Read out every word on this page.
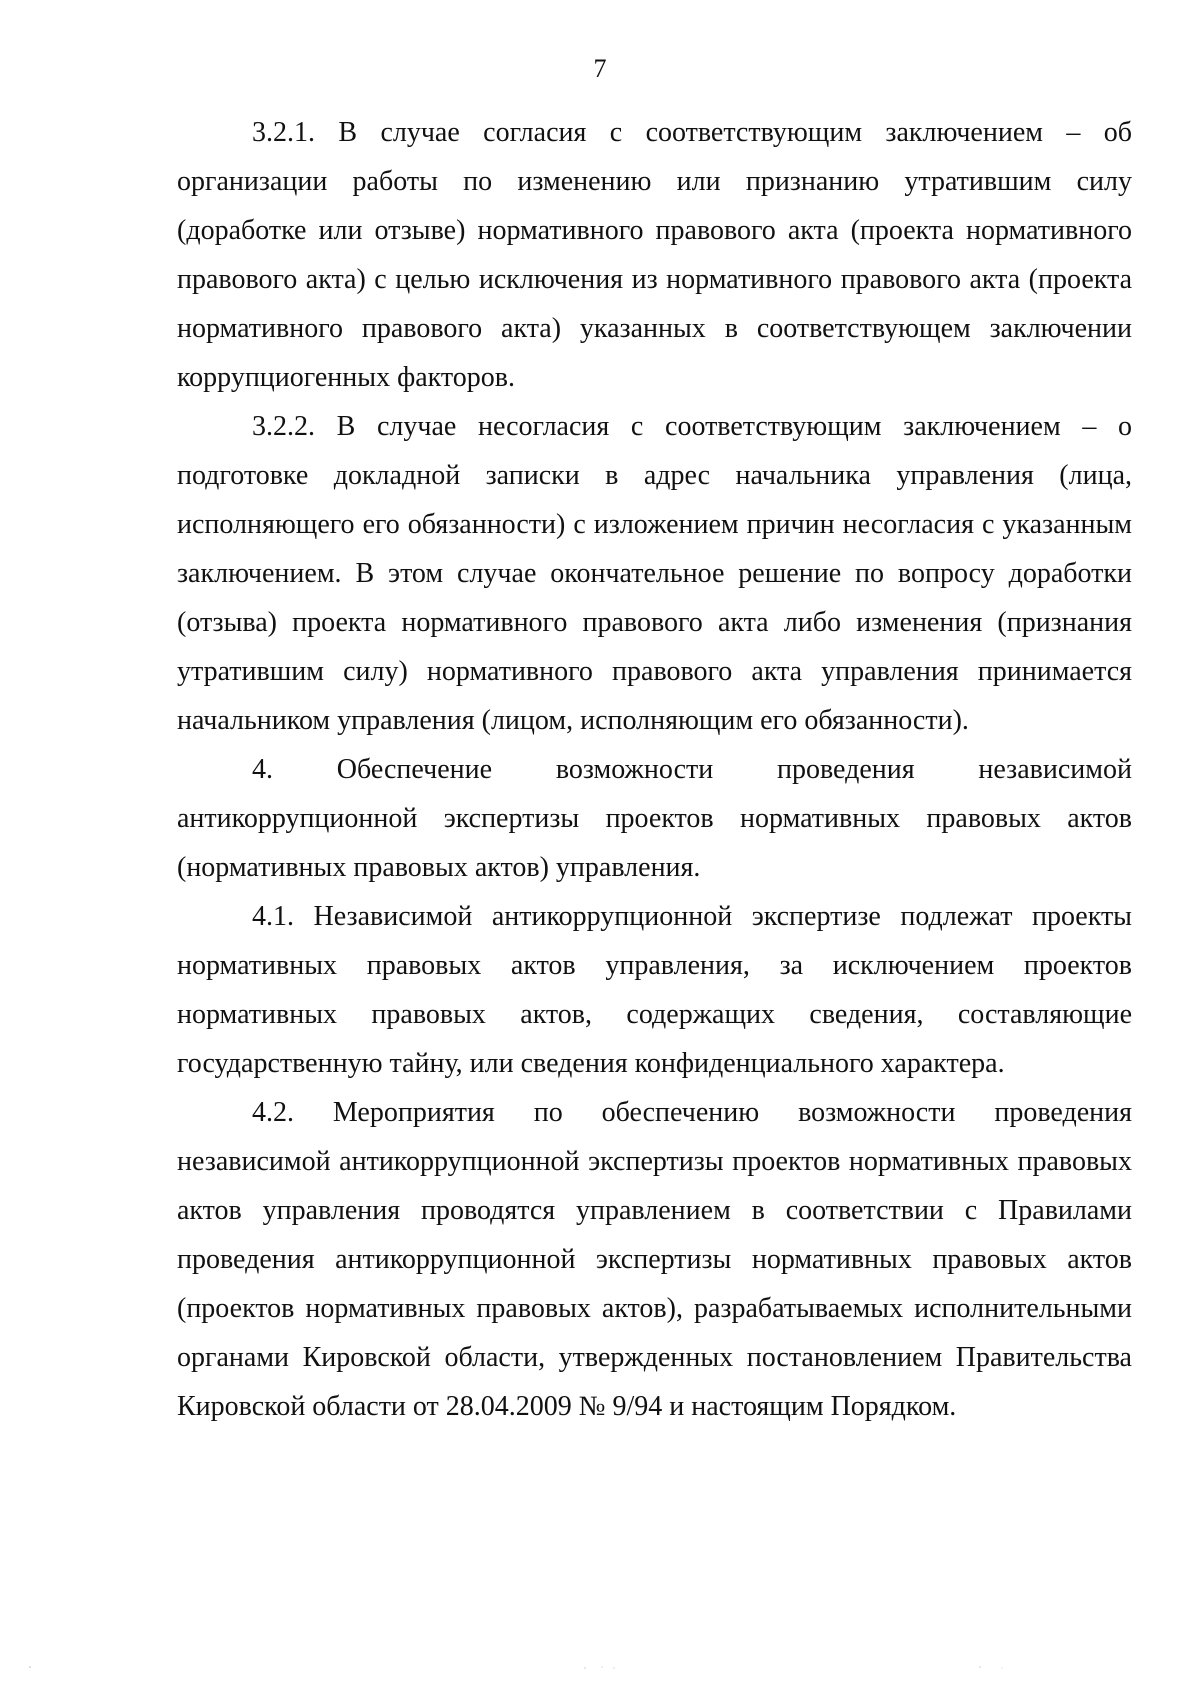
7

3.2.1. В случае согласия с соответствующим заключением – об организации работы по изменению или признанию утратившим силу (доработке или отзыве) нормативного правового акта (проекта нормативного правового акта) с целью исключения из нормативного правового акта (проекта нормативного правового акта) указанных в соответствующем заключении коррупциогенных факторов.

3.2.2. В случае несогласия с соответствующим заключением – о подготовке докладной записки в адрес начальника управления (лица, исполняющего его обязанности) с изложением причин несогласия с указанным заключением. В этом случае окончательное решение по вопросу доработки (отзыва) проекта нормативного правового акта либо изменения (признания утратившим силу) нормативного правового акта управления принимается начальником управления (лицом, исполняющим его обязанности).

4. Обеспечение возможности проведения независимой антикоррупционной экспертизы проектов нормативных правовых актов (нормативных правовых актов) управления.

4.1. Независимой антикоррупционной экспертизе подлежат проекты нормативных правовых актов управления, за исключением проектов нормативных правовых актов, содержащих сведения, составляющие государственную тайну, или сведения конфиденциального характера.

4.2. Мероприятия по обеспечению возможности проведения независимой антикоррупционной экспертизы проектов нормативных правовых актов управления проводятся управлением в соответствии с Правилами проведения антикоррупционной экспертизы нормативных правовых актов (проектов нормативных правовых актов), разрабатываемых исполнительными органами Кировской области, утвержденных постановлением Правительства Кировской области от 28.04.2009 № 9/94 и настоящим Порядком.
